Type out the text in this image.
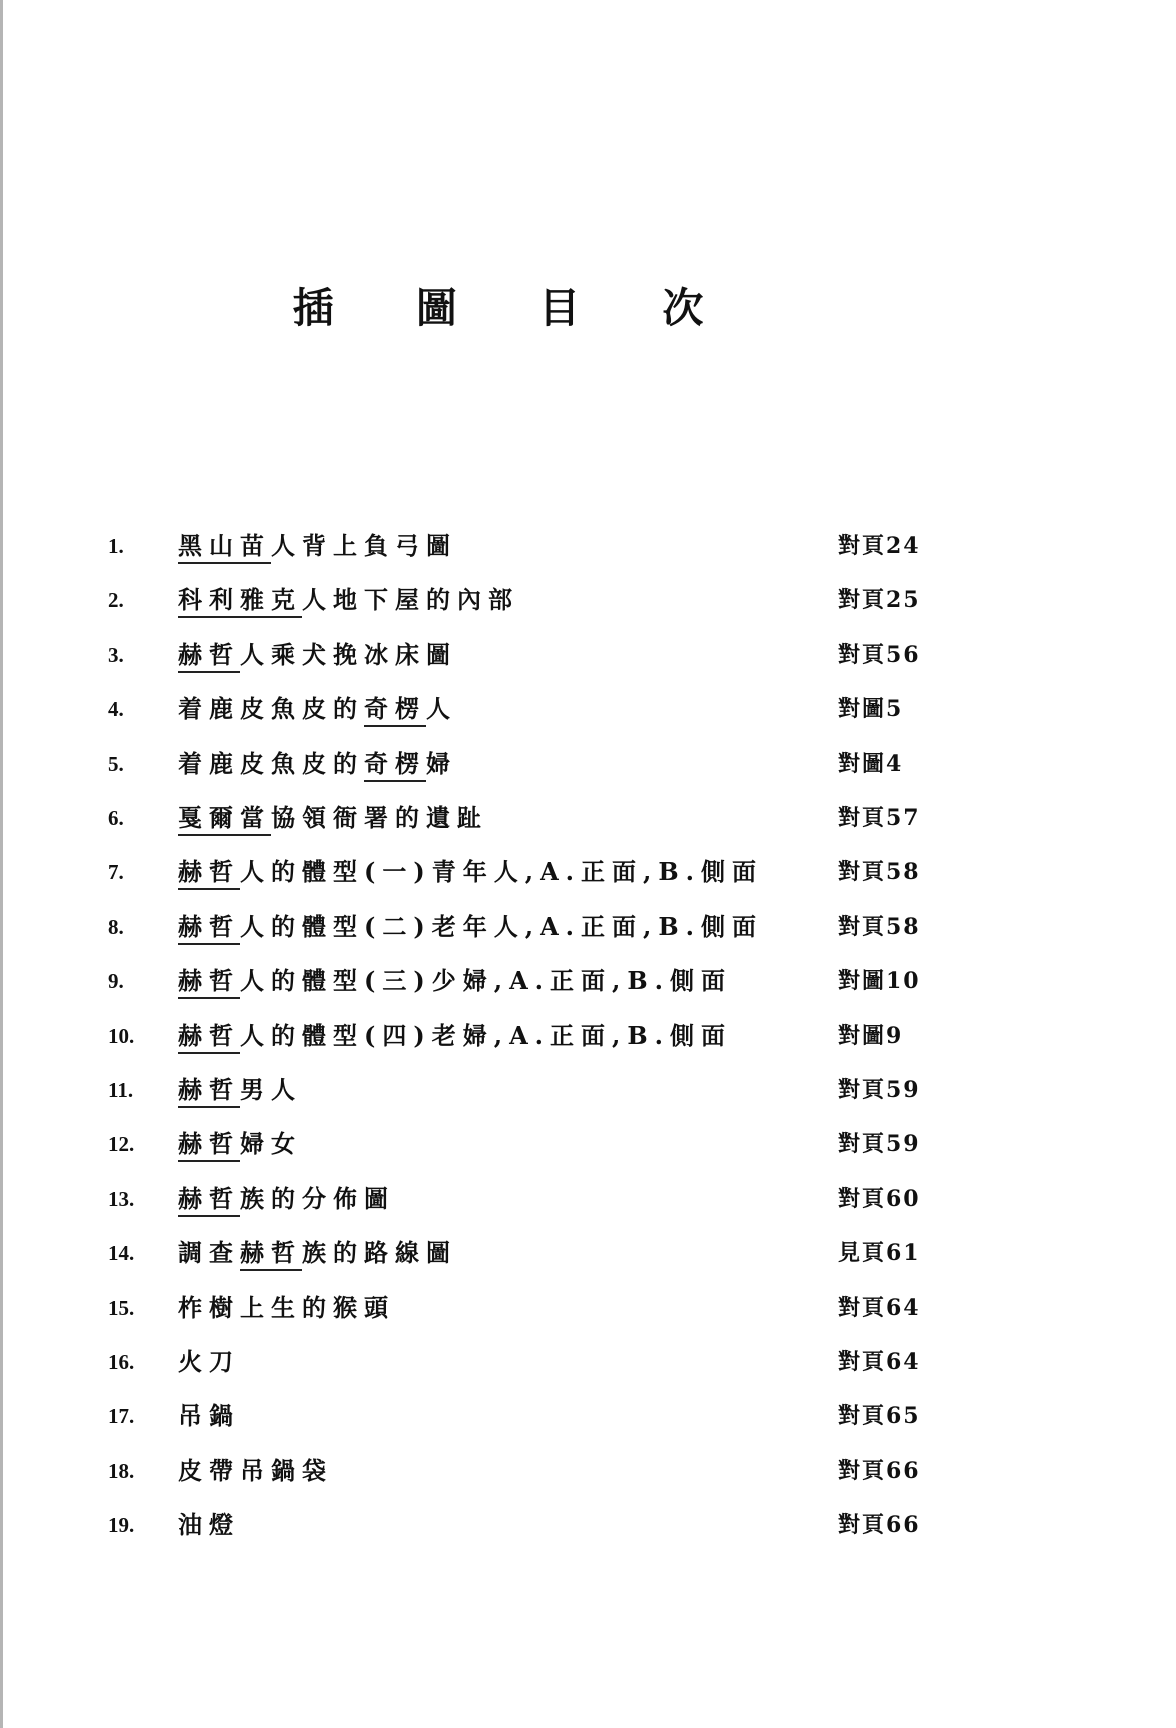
插 圖 目 次
1.	黑山苗人背上負弓圖	對頁24
2.	科利雅克人地下屋的內部	對頁25
3.	赫哲人乘犬挽冰床圖	對頁56
4.	着鹿皮魚皮的奇楞人	對圖5
5.	着鹿皮魚皮的奇楞婦	對圖4
6.	戛爾當協領衙署的遺趾	對頁57
7.	赫哲人的體型(一)青年人,A.正面,B.側面	對頁58
8.	赫哲人的體型(二)老年人,A.正面,B.側面	對頁58
9.	赫哲人的體型(三)少婦,A.正面,B.側面	對圖10
10.	赫哲人的體型(四)老婦,A.正面,B.側面	對圖9
11.	赫哲男人	對頁59
12.	赫哲婦女	對頁59
13.	赫哲族的分佈圖	對頁60
14.	調查赫哲族的路線圖	見頁61
15.	柞樹上生的猴頭	對頁64
16.	火刀	對頁64
17.	吊鍋	對頁65
18.	皮帶吊鍋袋	對頁66
19.	油燈	對頁66
